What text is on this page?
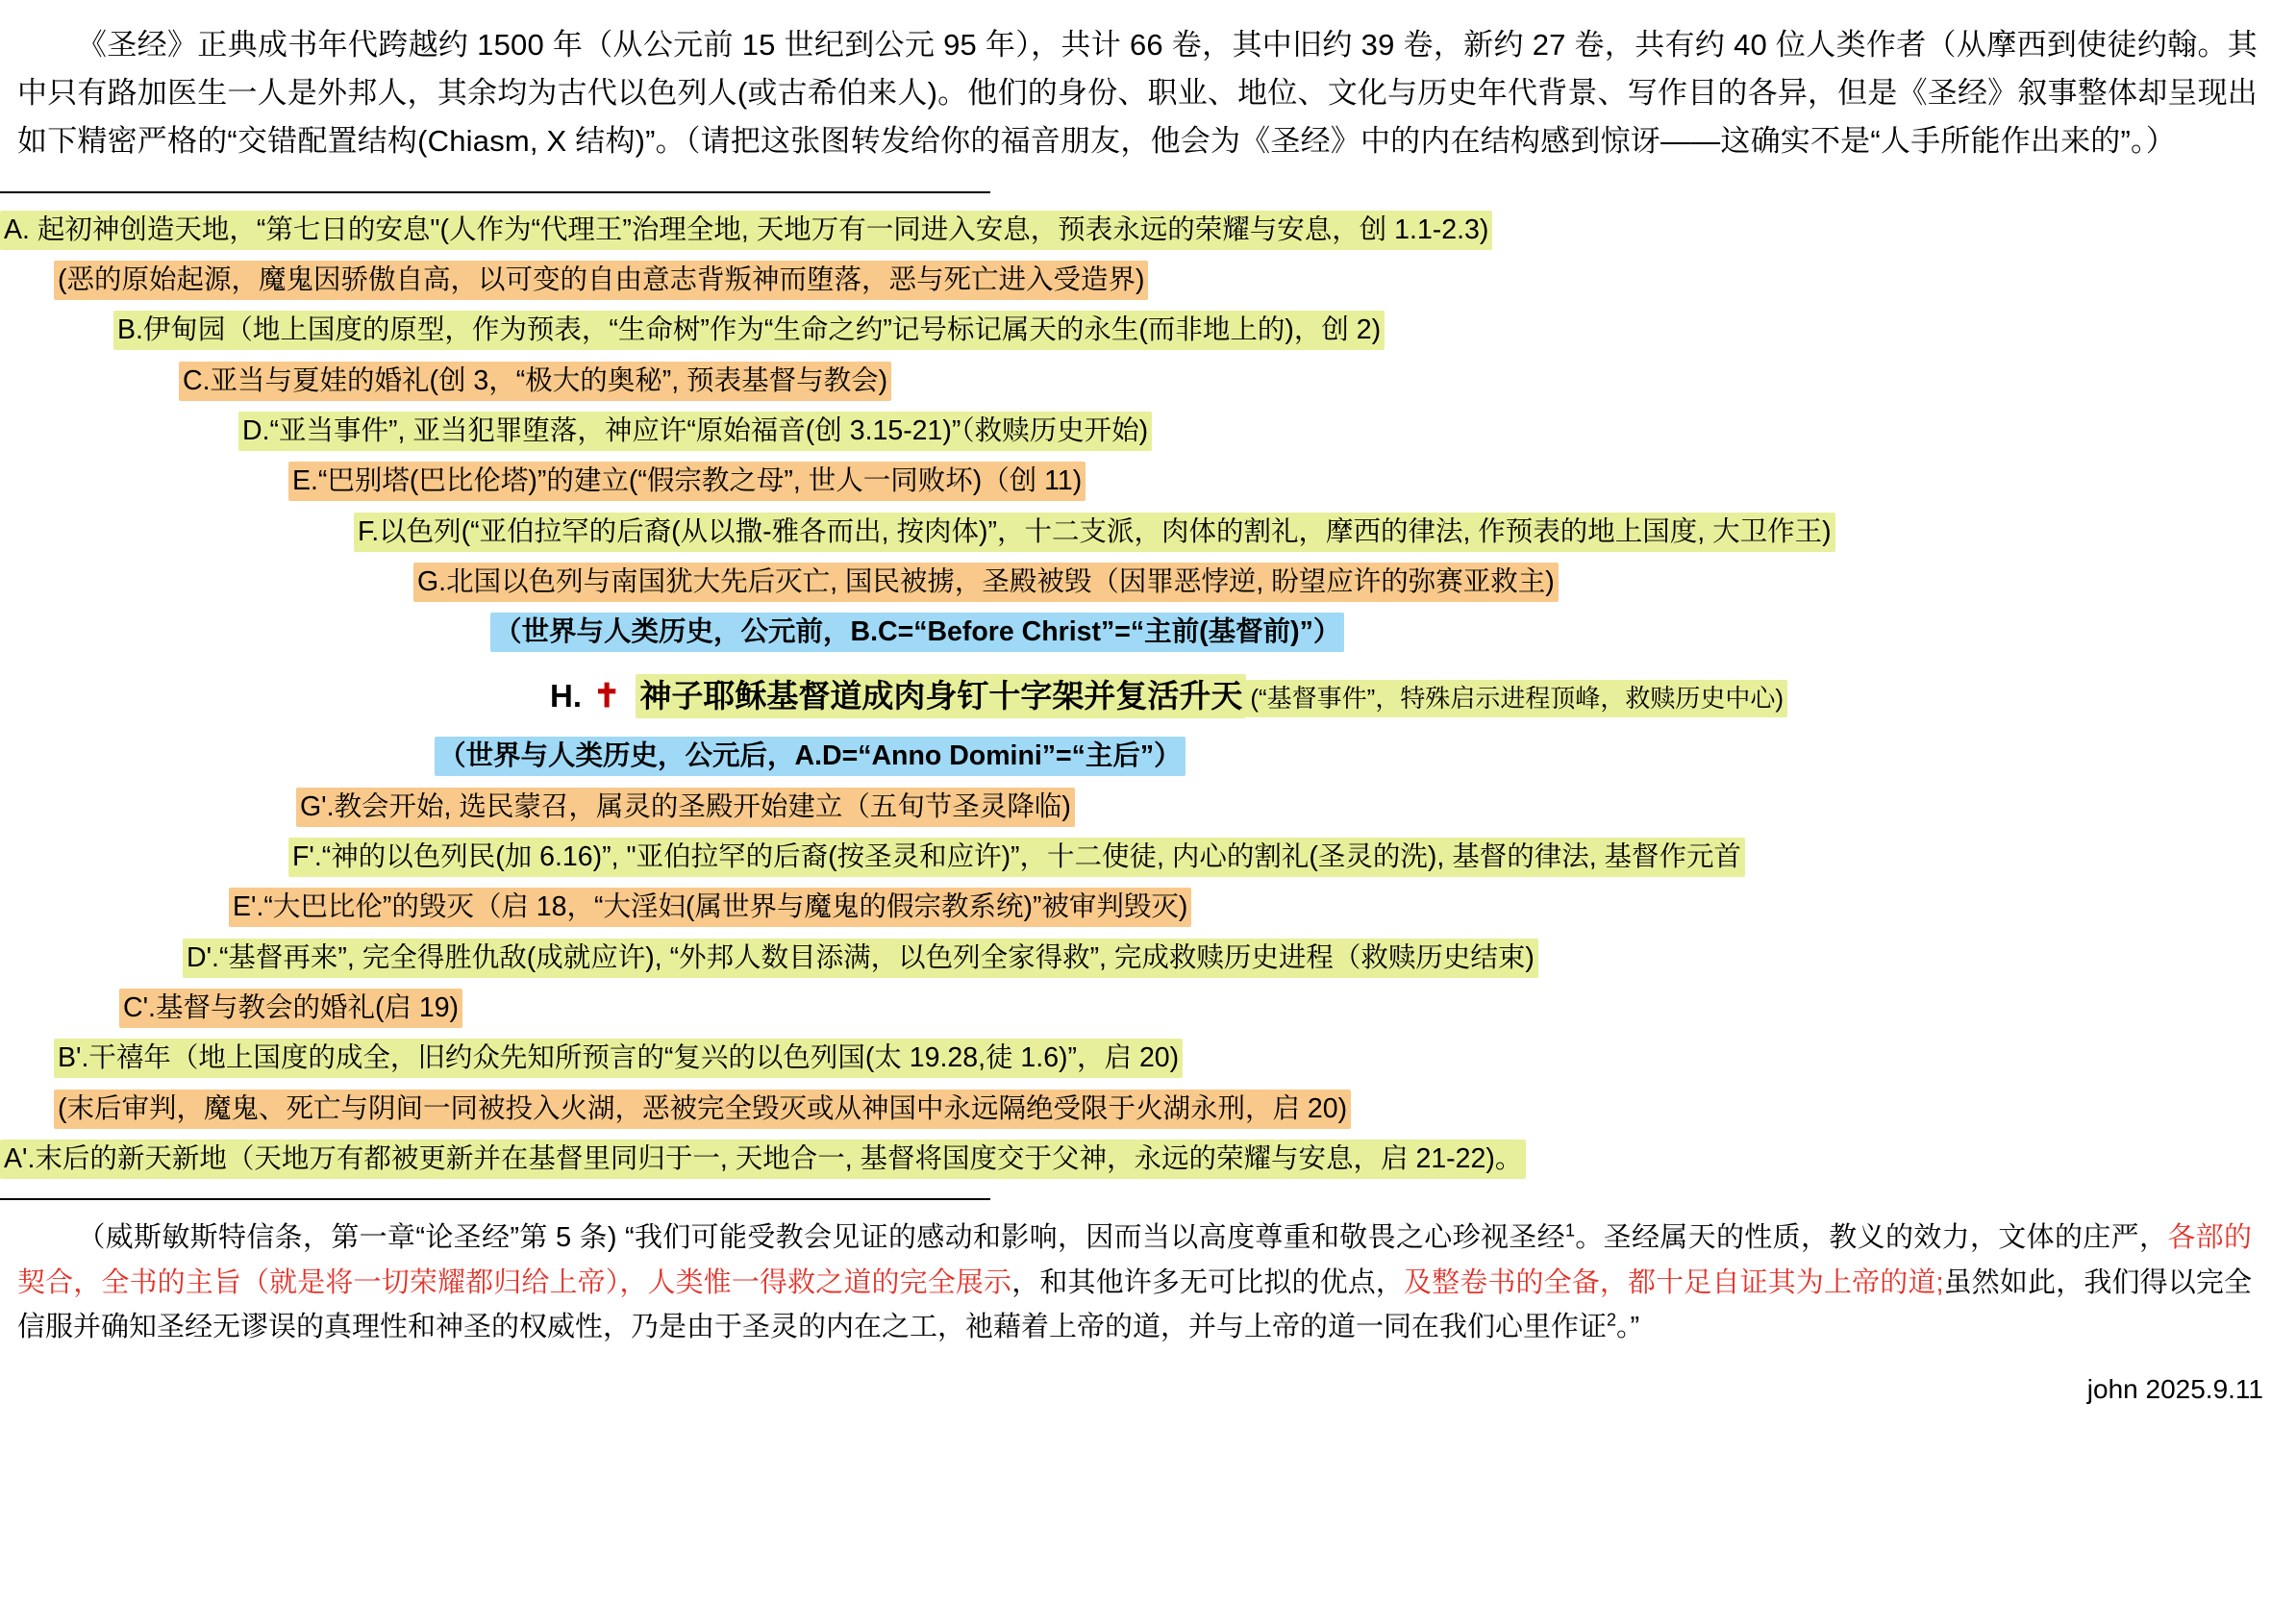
《圣经》正典成书年代跨越约 1500 年（从公元前 15 世纪到公元 95 年），共计 66 卷，其中旧约 39 卷，新约 27 卷，共有约 40 位人类作者（从摩西到使徒约翰。其中只有路加医生一人是外邦人，其余均为古代以色列人(或古希伯来人)。他们的身份、职业、地位、文化与历史年代背景、写作目的各异，但是《圣经》叙事整体却呈现出如下精密严格的“交错配置结构(Chiasm, X 结构)”。（请把这张图转发给你的福音朋友，他会为《圣经》中的内在结构感到惊讶——这确实不是“人手所能作出来的”。）

A. 起初神创造天地，“第七日的安息"(人作为“代理王”治理全地, 天地万有一同进入安息，预表永远的荣耀与安息，创 1.1-2.3)
(恶的原始起源，魔鬼因骄傲自高，以可变的自由意志背叛神而堕落，恶与死亡进入受造界)
B.伊甸园（地上国度的原型，作为预表，“生命树”作为“生命之约”记号标记属天的永生(而非地上的)，创 2)
C.亚当与夏娃的婚礼(创 3，“极大的奥秘”, 预表基督与教会)
D.“亚当事件”, 亚当犯罪堕落，神应许“原始福音(创 3.15-21)”（救赎历史开始)
E.“巴别塔(巴比伦塔)”的建立(“假宗教之母”, 世人一同败坏)（创 11)
F.以色列(“亚伯拉罕的后裔(从以撒-雅各而出, 按肉体)”，十二支派，肉体的割礼，摩西的律法, 作预表的地上国度, 大卫作王)
G.北国以色列与南国犹大先后灭亡, 国民被掳，圣殿被毁（因罪恶悖逆, 盼望应许的弥赛亚救主)
（世界与人类历史，公元前，B.C=“Before Christ”=“主前(基督前)”）
H. ✝ 神子耶稣基督道成肉身钉十字架并复活升天 (“基督事件”，特殊启示进程顶峰，救赎历史中心)
（世界与人类历史，公元后，A.D=“Anno Domini”=“主后”）
G'.教会开始, 选民蒙召，属灵的圣殿开始建立（五旬节圣灵降临)
F'.“神的以色列民(加 6.16)”, "亚伯拉罕的后裔(按圣灵和应许)”，十二使徒, 内心的割礼(圣灵的洗), 基督的律法, 基督作元首
E'.“大巴比伦”的毁灭（启 18，“大淫妇(属世界与魔鬼的假宗教系统)”被审判毁灭)
D'.“基督再来”, 完全得胜仇敌(成就应许), “外邦人数目添满，以色列全家得救”, 完成救赎历史进程（救赎历史结束)
C'.基督与教会的婚礼(启 19)
B'.干禧年（地上国度的成全，旧约众先知所预言的“复兴的以色列国(太 19.28,徒 1.6)”，启 20)
(末后审判，魔鬼、死亡与阴间一同被投入火湖，恶被完全毁灭或从神国中永远隔绝受限于火湖永刑，启 20)
A'.末后的新天新地（天地万有都被更新并在基督里同归于一, 天地合一, 基督将国度交于父神，永远的荣耀与安息，启 21-22)。

（威斯敏斯特信条，第一章“论圣经”第 5 条) “我们可能受教会见证的感动和影响，因而当以高度尊重和敬畏之心珍视圣经$^1$。圣经属天的性质，教义的效力，文体的庄严，各部的契合，全书的主旨（就是将一切荣耀都归给上帝），人类惟一得救之道的完全展示，和其他许多无可比拟的优点，及整卷书的全备，都十足自证其为上帝的道;虽然如此，我们得以完全信服并确知圣经无谬误的真理性和神圣的权威性，乃是由于圣灵的内在之工，祂藉着上帝的道，并与上帝的道一同在我们心里作证$^2$。”

john 2025.9.11
